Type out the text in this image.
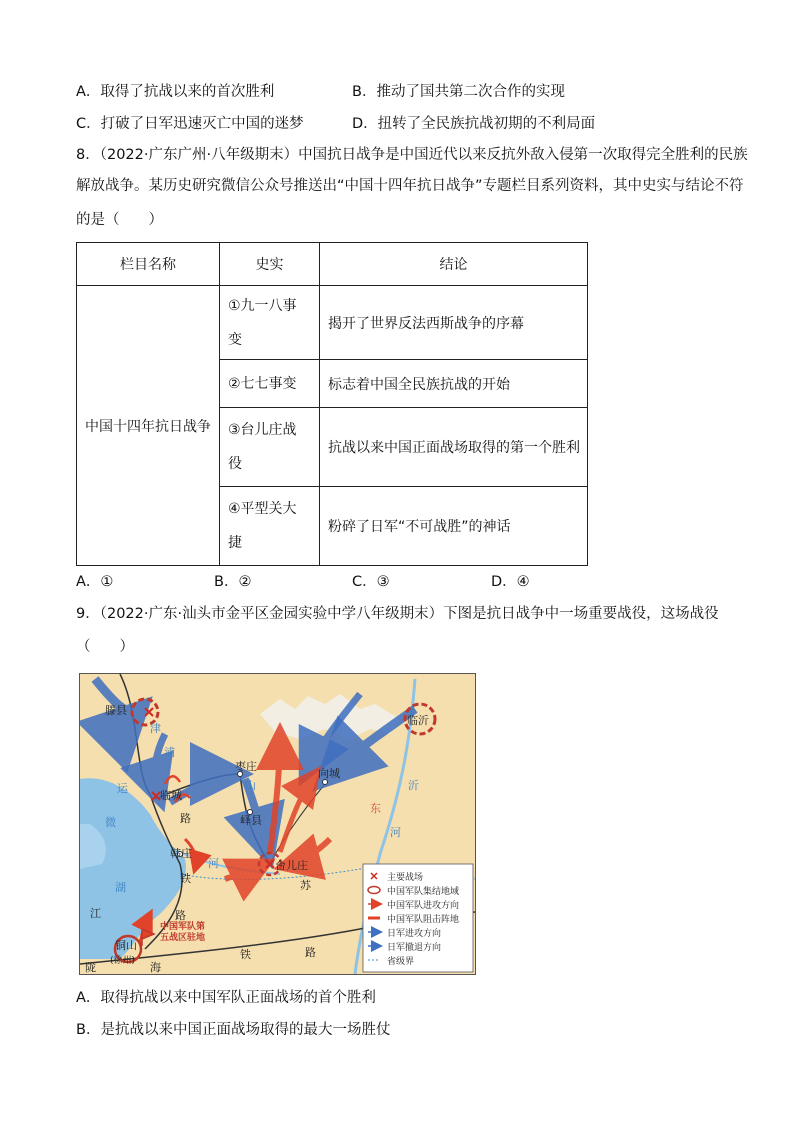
A．取得了抗战以来的首次胜利	B．推动了国共第二次合作的实现
C．打破了日军迅速灭亡中国的迷梦	D．扭转了全民族抗战初期的不利局面
8．（2022·广东广州·八年级期末）中国抗日战争是中国近代以来反抗外敌入侵第一次取得完全胜利的民族
解放战争。某历史研究微信公众号推送出“中国十四年抗日战争”专题栏目系列资料，其中史实与结论不符
的是（　　）
栏目名称	史实	结论
中国十四年抗日战争	①九一八事
变	揭开了世界反法西斯战争的序幕
	②七七事变	标志着中国全民族抗战的开始
	③台儿庄战
役	抗战以来中国正面战场取得的第一个胜利
	④平型关大
捷	粉碎了日军“不可战胜”的神话
A．①	B．②	C．③	D．④
9．（2022·广东·汕头市金平区金园实验中学八年级期末）下图是抗日战争中一场重要战役，这场战役
（　　）
滕县
临沂
枣庄
向城
峄县
临城
韩庄
台儿庄
铜山
(徐州)
津
浦
运
河
山
东
沂
微
湖
江
苏
河
路
铁
路
陇	海
铁	路
中国军队第
五战区驻地
主要战场
中国军队集结地域
中国军队进攻方向
中国军队阻击阵地
日军进攻方向
日军撤退方向
省级界
A．取得抗战以来中国军队正面战场的首个胜利
B．是抗战以来中国正面战场取得的最大一场胜仗
